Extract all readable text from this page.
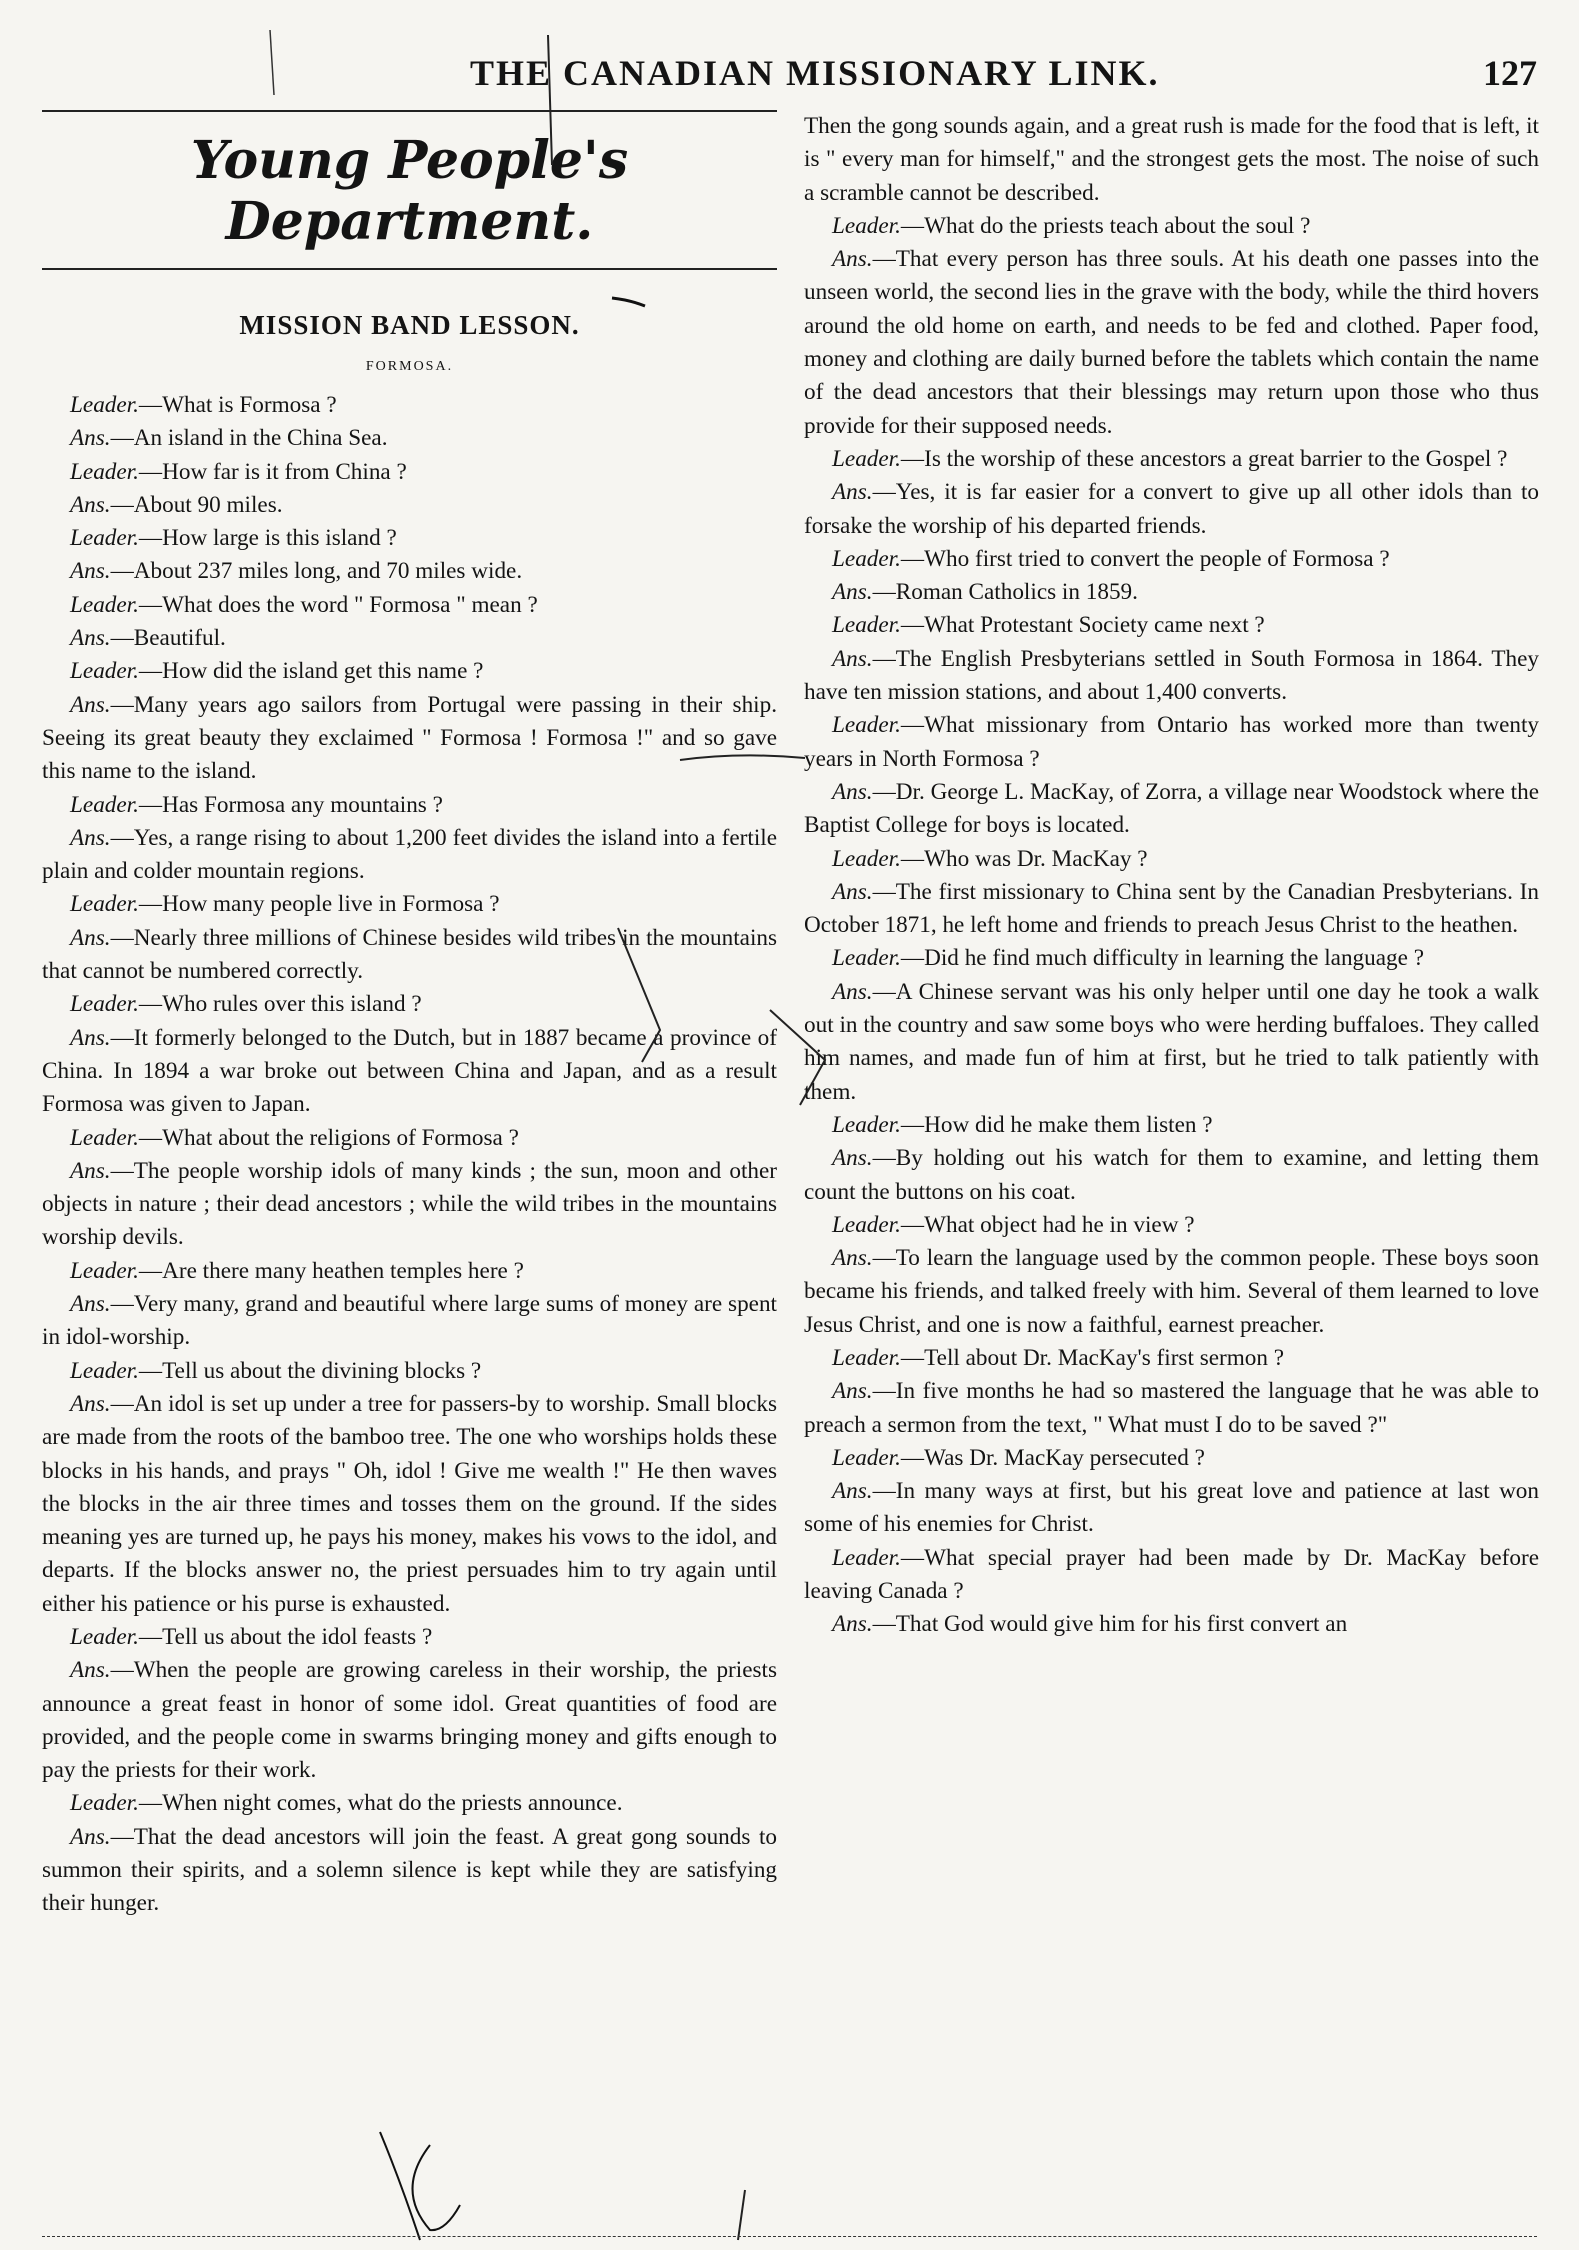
THE CANADIAN MISSIONARY LINK.	127
Young People's Department.
MISSION BAND LESSON.
FORMOSA.

Leader.—What is Formosa ?

Ans.—An island in the China Sea.

Leader.—How far is it from China ?

Ans.—About 90 miles.

Leader.—How large is this island ?

Ans.—About 237 miles long, and 70 miles wide.

Leader.—What does the word " Formosa " mean ?

Ans.—Beautiful.

Leader.—How did the island get this name ?

Ans.—Many years ago sailors from Portugal were passing in their ship. Seeing its great beauty they exclaimed " Formosa ! Formosa !" and so gave this name to the island.

Leader.—Has Formosa any mountains ?

Ans.—Yes, a range rising to about 1,200 feet divides the island into a fertile plain and colder mountain regions.

Leader.—How many people live in Formosa ?

Ans.—Nearly three millions of Chinese besides wild tribes in the mountains that cannot be numbered correctly.

Leader.—Who rules over this island ?

Ans.—It formerly belonged to the Dutch, but in 1887 became a province of China. In 1894 a war broke out between China and Japan, and as a result Formosa was given to Japan.

Leader.—What about the religions of Formosa ?

Ans.—The people worship idols of many kinds ; the sun, moon and other objects in nature ; their dead ancestors ; while the wild tribes in the mountains worship devils.

Leader.—Are there many heathen temples here ?

Ans.—Very many, grand and beautiful where large sums of money are spent in idol-worship.

Leader.—Tell us about the divining blocks ?

Ans.—An idol is set up under a tree for passers-by to worship. Small blocks are made from the roots of the bamboo tree. The one who worships holds these blocks in his hands, and prays " Oh, idol ! Give me wealth !" He then waves the blocks in the air three times and tosses them on the ground. If the sides meaning yes are turned up, he pays his money, makes his vows to the idol, and departs. If the blocks answer no, the priest persuades him to try again until either his patience or his purse is exhausted.

Leader.—Tell us about the idol feasts ?

Ans.—When the people are growing careless in their worship, the priests announce a great feast in honor of some idol. Great quantities of food are provided, and the people come in swarms bringing money and gifts enough to pay the priests for their work.

Leader.—When night comes, what do the priests announce.

Ans.—That the dead ancestors will join the feast. A great gong sounds to summon their spirits, and a solemn silence is kept while they are satisfying their hunger.

Then the gong sounds again, and a great rush is made for the food that is left, it is " every man for himself," and the strongest gets the most. The noise of such a scramble cannot be described.

Leader.—What do the priests teach about the soul ?

Ans.—That every person has three souls. At his death one passes into the unseen world, the second lies in the grave with the body, while the third hovers around the old home on earth, and needs to be fed and clothed. Paper food, money and clothing are daily burned before the tablets which contain the name of the dead ancestors that their blessings may return upon those who thus provide for their supposed needs.

Leader.—Is the worship of these ancestors a great barrier to the Gospel ?

Ans.—Yes, it is far easier for a convert to give up all other idols than to forsake the worship of his departed friends.

Leader.—Who first tried to convert the people of Formosa ?

Ans.—Roman Catholics in 1859.

Leader.—What Protestant Society came next ?

Ans.—The English Presbyterians settled in South Formosa in 1864. They have ten mission stations, and about 1,400 converts.

Leader.—What missionary from Ontario has worked more than twenty years in North Formosa ?

Ans.—Dr. George L. MacKay, of Zorra, a village near Woodstock where the Baptist College for boys is located.

Leader.—Who was Dr. MacKay ?

Ans.—The first missionary to China sent by the Canadian Presbyterians. In October 1871, he left home and friends to preach Jesus Christ to the heathen.

Leader.—Did he find much difficulty in learning the language ?

Ans.—A Chinese servant was his only helper until one day he took a walk out in the country and saw some boys who were herding buffaloes. They called him names, and made fun of him at first, but he tried to talk patiently with them.

Leader.—How did he make them listen ?

Ans.—By holding out his watch for them to examine, and letting them count the buttons on his coat.

Leader.—What object had he in view ?

Ans.—To learn the language used by the common people. These boys soon became his friends, and talked freely with him. Several of them learned to love Jesus Christ, and one is now a faithful, earnest preacher.

Leader.—Tell about Dr. MacKay's first sermon ?

Ans.—In five months he had so mastered the language that he was able to preach a sermon from the text, " What must I do to be saved ?"

Leader.—Was Dr. MacKay persecuted ?

Ans.—In many ways at first, but his great love and patience at last won some of his enemies for Christ.

Leader.—What special prayer had been made by Dr. MacKay before leaving Canada ?

Ans.—That God would give him for his first convert an
